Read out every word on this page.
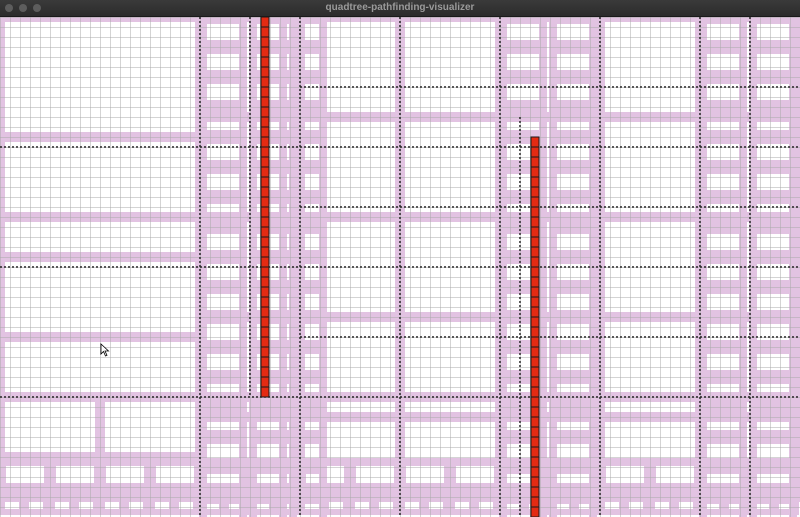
quadtree-pathfinding-visualizer
